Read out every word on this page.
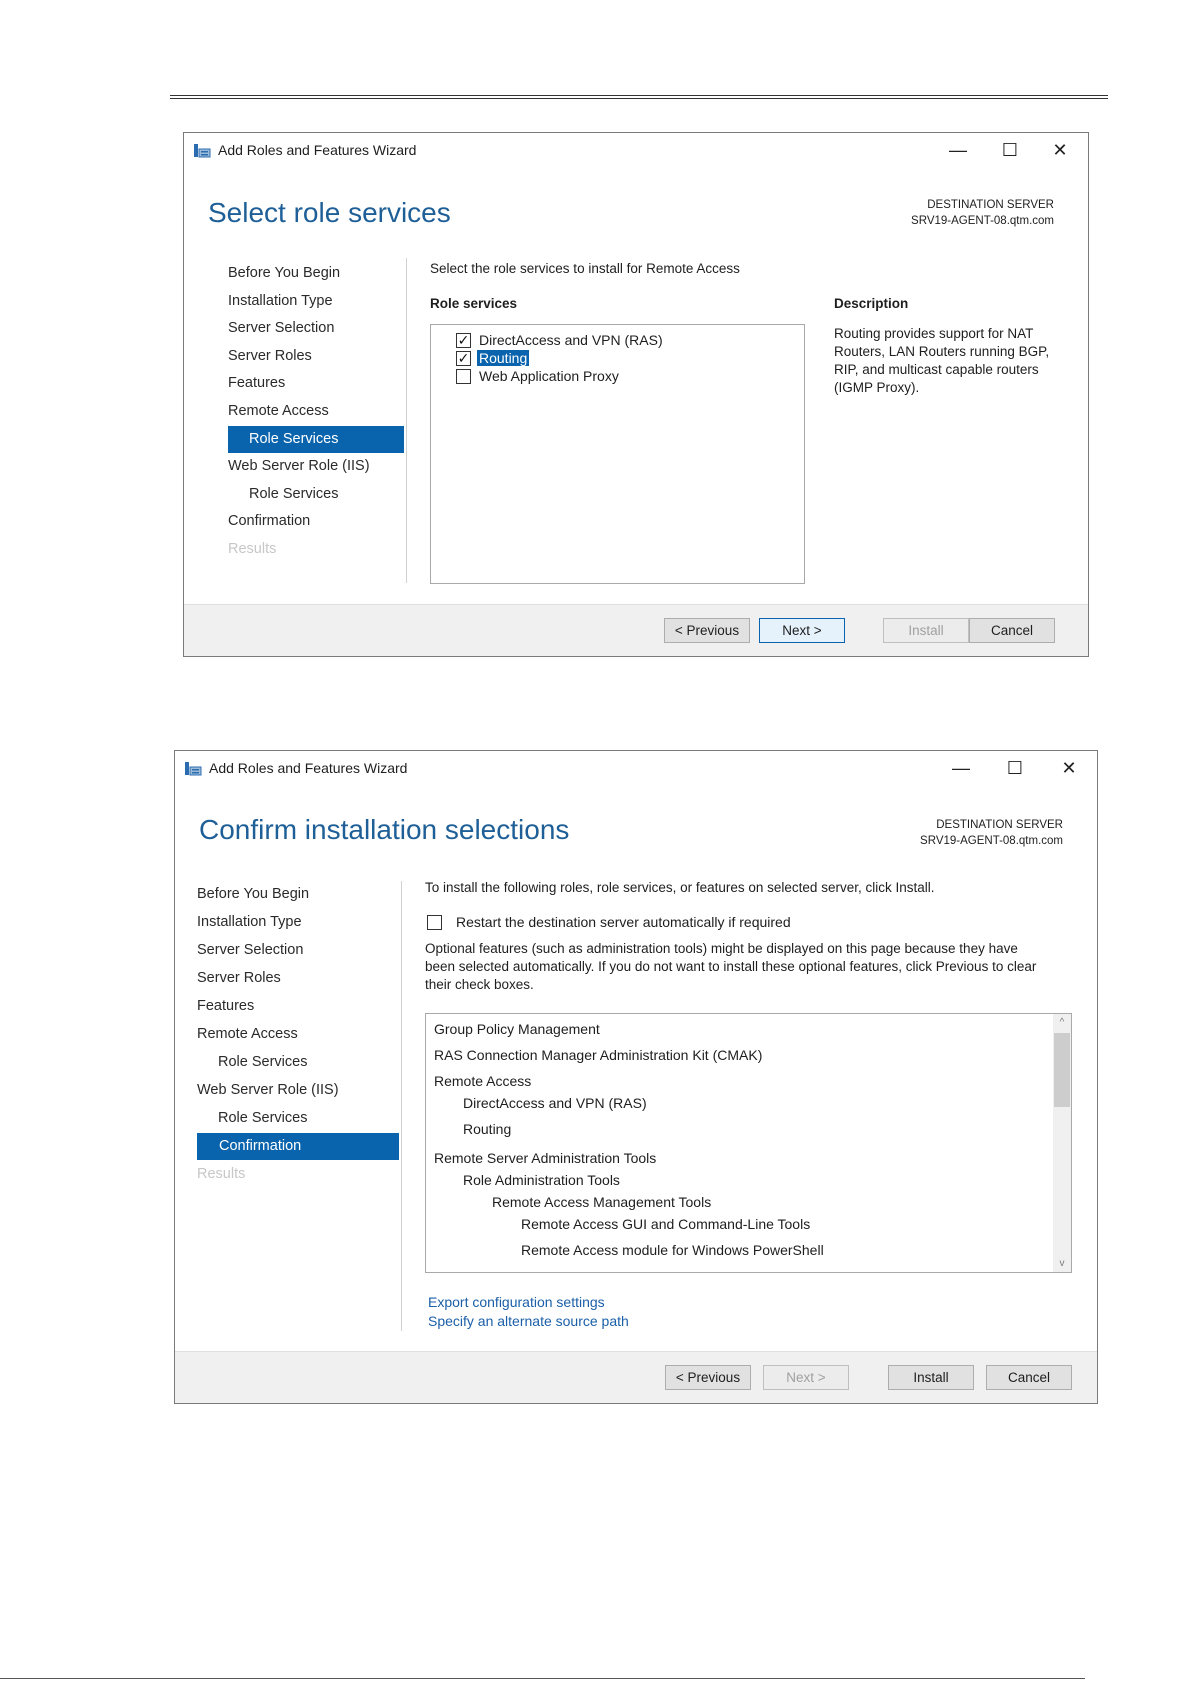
Add Roles and Features Wizard	—	☐	✕
Select role services	DESTINATION SERVER
SRV19-AGENT-08.qtm.com
Before You Begin
Installation Type
Server Selection
Server Roles
Features
Remote Access
Role Services
Web Server Role (IIS)
Role Services
Confirmation
Results
Select the role services to install for Remote Access
Role services
✓ DirectAccess and VPN (RAS)
✓ Routing
Web Application Proxy
Description
Routing provides support for NAT Routers, LAN Routers running BGP, RIP, and multicast capable routers (IGMP Proxy).
< Previous	Next >	Install	Cancel
Add Roles and Features Wizard	—	☐	✕
Confirm installation selections	DESTINATION SERVER
SRV19-AGENT-08.qtm.com
Before You Begin
Installation Type
Server Selection
Server Roles
Features
Remote Access
Role Services
Web Server Role (IIS)
Role Services
Confirmation
Results
To install the following roles, role services, or features on selected server, click Install.
Restart the destination server automatically if required
Optional features (such as administration tools) might be displayed on this page because they have
been selected automatically. If you do not want to install these optional features, click Previous to clear
their check boxes.
Group Policy Management
RAS Connection Manager Administration Kit (CMAK)
Remote Access
DirectAccess and VPN (RAS)
Routing
Remote Server Administration Tools
Role Administration Tools
Remote Access Management Tools
Remote Access GUI and Command-Line Tools
Remote Access module for Windows PowerShell
^
v
Export configuration settings
Specify an alternate source path
< Previous	Next >	Install	Cancel
